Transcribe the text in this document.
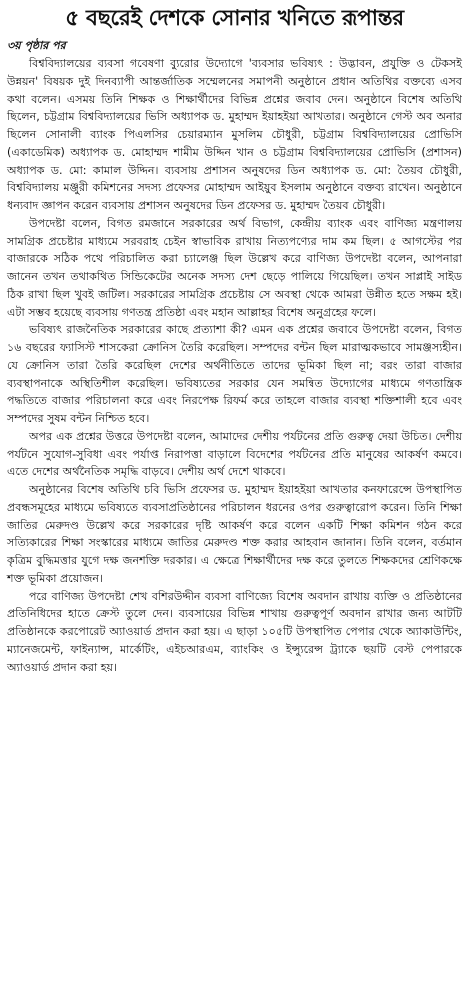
৫ বছরেই দেশকে সোনার খনিতে রূপান্তর
৩য় পৃষ্ঠার পর

বিশ্ববিদ্যালয়ের ব্যবসা গবেষণা ব্যুরোর উদ্যোগে 'ব্যবসার ভবিষ্যৎ : উদ্ভাবন, প্রযুক্তি ও টেকসই উন্নয়ন' বিষয়ক দুই দিনব্যাপী আন্তর্জাতিক সম্মেলনের সমাপনী অনুষ্ঠানে প্রধান অতিথির বক্তব্যে এসব কথা বলেন। এসময় তিনি শিক্ষক ও শিক্ষার্থীদের বিভিন্ন প্রশ্নের জবাব দেন। অনুষ্ঠানে বিশেষ অতিথি ছিলেন, চট্টগ্রাম বিশ্ববিদ্যালয়ের ভিসি অধ্যাপক ড. মুহাম্মদ ইয়াহইয়া আখতার। অনুষ্ঠানে গেস্ট অব অনার ছিলেন সোনালী ব্যাংক পিএলসির চেয়ারম্যান মুসলিম চৌধুরী, চট্টগ্রাম বিশ্ববিদ্যালয়ের প্রোভিসি (একাডেমিক) অধ্যাপক ড. মোহাম্মদ শামীম উদ্দিন খান ও চট্টগ্রাম বিশ্ববিদ্যালয়ের প্রোভিসি (প্রশাসন) অধ্যাপক ড. মো: কামাল উদ্দিন। ব্যবসায় প্রশাসন অনুষদের ডিন অধ্যাপক ড. মো: তৈয়ব চৌধুরী, বিশ্ববিদ্যালয় মঞ্জুরী কমিশনের সদস্য প্রফেসর মোহাম্মদ আইয়ুব ইসলাম অনুষ্ঠানে বক্তব্য রাখেন। অনুষ্ঠানে ধন্যবাদ জ্ঞাপন করেন ব্যবসায় প্রশাসন অনুষদের ডিন প্রফেসর ড. মুহাম্মদ তৈয়ব চৌধুরী।

উপদেষ্টা বলেন, বিগত রমজানে সরকারের অর্থ বিভাগ, কেন্দ্রীয় ব্যাংক এবং বাণিজ্য মন্ত্রণালয় সামগ্রিক প্রচেষ্টার মাধ্যমে সরবরাহ চেইন স্বাভাবিক রাখায় নিত্যপণ্যের দাম কম ছিল। ৫ আগস্টের পর বাজারকে সঠিক পথে পরিচালিত করা চ্যালেঞ্জ ছিল উল্লেখ করে বাণিজ্য উপদেষ্টা বলেন, আপনারা জানেন তখন তথাকথিত সিন্ডিকেটের অনেক সদস্য দেশ ছেড়ে পালিয়ে গিয়েছিল। তখন সাপ্লাই সাইড ঠিক রাখা ছিল খুবই জটিল। সরকারের সামগ্রিক প্রচেষ্টায় সে অবস্থা থেকে আমরা উন্নীত হতে সক্ষম হই। এটা সম্ভব হয়েছে ব্যবসায় গণতন্ত্র প্রতিষ্ঠা এবং মহান আল্লাহর বিশেষ অনুগ্রহের ফলে।

ভবিষ্যৎ রাজনৈতিক সরকারের কাছে প্রত্যাশা কী? এমন এক প্রশ্নের জবাবে উপদেষ্টা বলেন, বিগত ১৬ বছরের ফ্যাসিস্ট শাসকেরা ক্রোনিস তৈরি করেছিল। সম্পদের বন্টন ছিল মারাত্মকভাবে সামঞ্জস্যহীন। যে ক্রোনিস তারা তৈরি করেছিল দেশের অর্থনীতিতে তাদের ভূমিকা ছিল না; বরং তারা বাজার ব্যবস্থাপনাকে অস্থিতিশীল করেছিল। ভবিষ্যতের সরকার যেন সমন্বিত উদ্যোগের মাধ্যমে গণতান্ত্রিক পদ্ধতিতে বাজার পরিচালনা করে এবং নিরপেক্ষ রিফর্ম করে তাহলে বাজার ব্যবস্থা শক্তিশালী হবে এবং সম্পদের সুষম বন্টন নিশ্চিত হবে।

অপর এক প্রশ্নের উত্তরে উপদেষ্টা বলেন, আমাদের দেশীয় পর্যটনের প্রতি গুরুত্ব দেয়া উচিত। দেশীয় পর্যটনে সুযোগ-সুবিধা এবং পর্যাপ্ত নিরাপত্তা বাড়ালে বিদেশের পর্যটনের প্রতি মানুষের আকর্ষণ কমবে। এতে দেশের অর্থনৈতিক সমৃদ্ধি বাড়বে। দেশীয় অর্থ দেশে থাকবে।

অনুষ্ঠানের বিশেষ অতিথি চবি ভিসি প্রফেসর ড. মুহাম্মদ ইয়াহইয়া আখতার কনফারেন্সে উপস্থাপিত প্রবন্ধসমূহের মাধ্যমে ভবিষ্যতে ব্যবসাপ্রতিষ্ঠানের পরিচালন ধরনের ওপর গুরুত্বারোপ করেন। তিনি শিক্ষা জাতির মেরুদণ্ড উল্লেখ করে সরকারের দৃষ্টি আকর্ষণ করে বলেন একটি শিক্ষা কমিশন গঠন করে সত্যিকারের শিক্ষা সংস্কারের মাধ্যমে জাতির মেরুদণ্ড শক্ত করার আহবান জানান। তিনি বলেন, বর্তমান কৃত্রিম বুদ্ধিমত্তার যুগে দক্ষ জনশক্তি দরকার। এ ক্ষেত্রে শিক্ষার্থীদের দক্ষ করে তুলতে শিক্ষকদের শ্রেণিকক্ষে শক্ত ভূমিকা প্রয়োজন।

পরে বাণিজ্য উপদেষ্টা শেখ বশিরউদ্দীন ব্যবসা বাণিজ্যে বিশেষ অবদান রাখায় ব্যক্তি ও প্রতিষ্ঠানের প্রতিনিধিদের হাতে ক্রেস্ট তুলে দেন। ব্যবসায়ের বিভিন্ন শাখায় গুরুত্বপূর্ণ অবদান রাখার জন্য আটটি প্রতিষ্ঠানকে করপোরেট অ্যাওয়ার্ড প্রদান করা হয়। এ ছাড়া ১০৫টি উপস্থাপিত পেপার থেকে অ্যাকাউন্টিং, ম্যানেজমেন্ট, ফাইন্যান্স, মার্কেটিং, এইচআরএম, ব্যাংকিং ও ইন্স্যুরেন্স ট্র্যাকে ছয়টি বেস্ট পেপারকে অ্যাওয়ার্ড প্রদান করা হয়।
